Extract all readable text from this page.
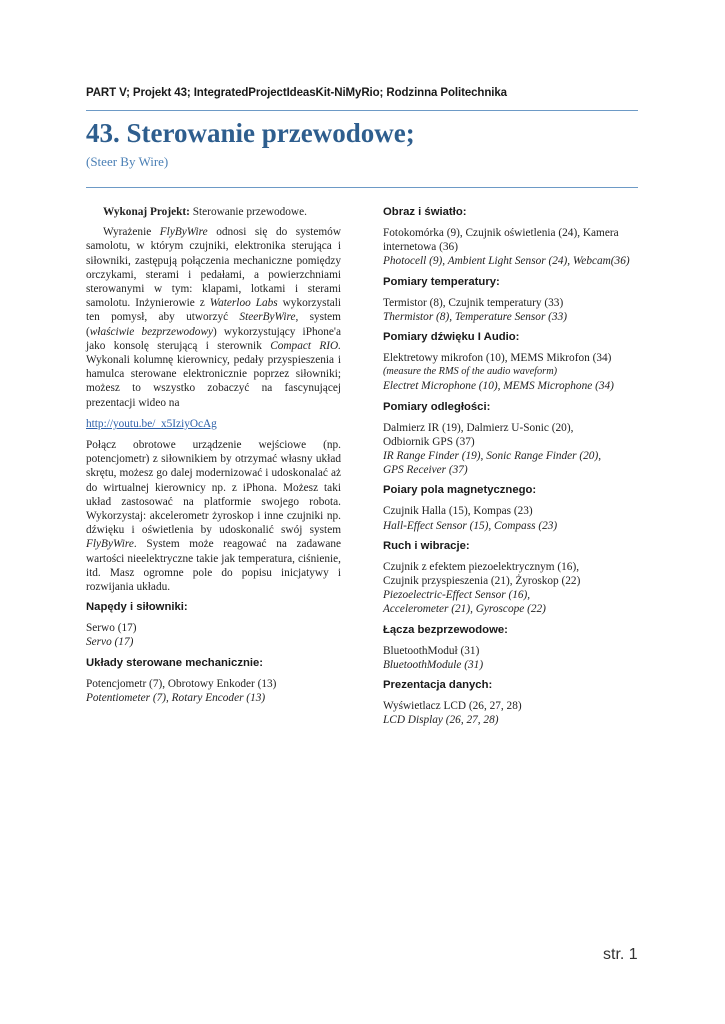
PART V; Projekt 43; IntegratedProjectIdeasKit-NiMyRio; Rodzinna Politechnika
43. Sterowanie przewodowe;
(Steer By Wire)

Wykonaj Projekt: Sterowanie przewodowe.

Wyrażenie FlyByWire odnosi się do systemów samolotu, w którym czujniki, elektronika sterująca i siłowniki, zastępują połączenia mechaniczne pomiędzy orczykami, sterami i pedałami, a powierzchniami sterowanymi w tym: klapami, lotkami i sterami samolotu. Inżynierowie z Waterloo Labs wykorzystali ten pomysł, aby utworzyć SteerByWire, system (właściwie bezprzewodowy) wykorzystujący iPhone'a jako konsolę sterującą i sterownik Compact RIO. Wykonali kolumnę kierownicy, pedały przyspieszenia i hamulca sterowane elektronicznie poprzez siłowniki; możesz to wszystko zobaczyć na fascynującej prezentacji wideo na

http://youtu.be/_x5IziyOcAg

Połącz obrotowe urządzenie wejściowe (np. potencjometr) z siłownikiem by otrzymać własny układ skrętu, możesz go dalej modernizować i udoskonalać aż do wirtualnej kierownicy np. z iPhona. Możesz taki układ zastosować na platformie swojego robota. Wykorzystaj: akcelerometr żyroskop i inne czujniki np. dźwięku i oświetlenia by udoskonalić swój system FlyByWire. System może reagować na zadawane wartości nieelektryczne takie jak temperatura, ciśnienie, itd. Masz ogromne pole do popisu inicjatywy i rozwijania układu.

Napędy i siłowniki:

Serwo (17)

Servo (17)

Układy sterowane mechanicznie:

Potencjometr (7), Obrotowy Enkoder (13)

Potentiometer (7), Rotary Encoder (13)

Obraz i światło:

Fotokomórka (9), Czujnik oświetlenia (24), Kamera internetowa (36)

Photocell (9), Ambient Light Sensor (24), Webcam(36)

Pomiary temperatury:

Termistor (8), Czujnik temperatury (33)

Thermistor (8), Temperature Sensor (33)

Pomiary dźwięku I Audio:

Elektretowy mikrofon (10), MEMS Mikrofon (34)

(measure the RMS of the audio waveform)

Electret Microphone (10), MEMS Microphone (34)

Pomiary odległości:

Dalmierz IR (19), Dalmierz U-Sonic (20),

Odbiornik GPS (37)

IR Range Finder (19), Sonic Range Finder (20),

GPS Receiver (37)

Poiary pola magnetycznego:

Czujnik Halla (15), Kompas (23)

Hall-Effect Sensor (15), Compass (23)

Ruch i wibracje:

Czujnik z efektem piezoelektrycznym (16),

Czujnik przyspieszenia (21), Żyroskop (22)

Piezoelectric-Effect Sensor (16),

Accelerometer (21), Gyroscope (22)

Łącza bezprzewodowe:

BluetoothModuł (31)

BluetoothModule (31)

Prezentacja danych:

Wyświetlacz LCD (26, 27, 28)

LCD Display (26, 27, 28)

str. 1
